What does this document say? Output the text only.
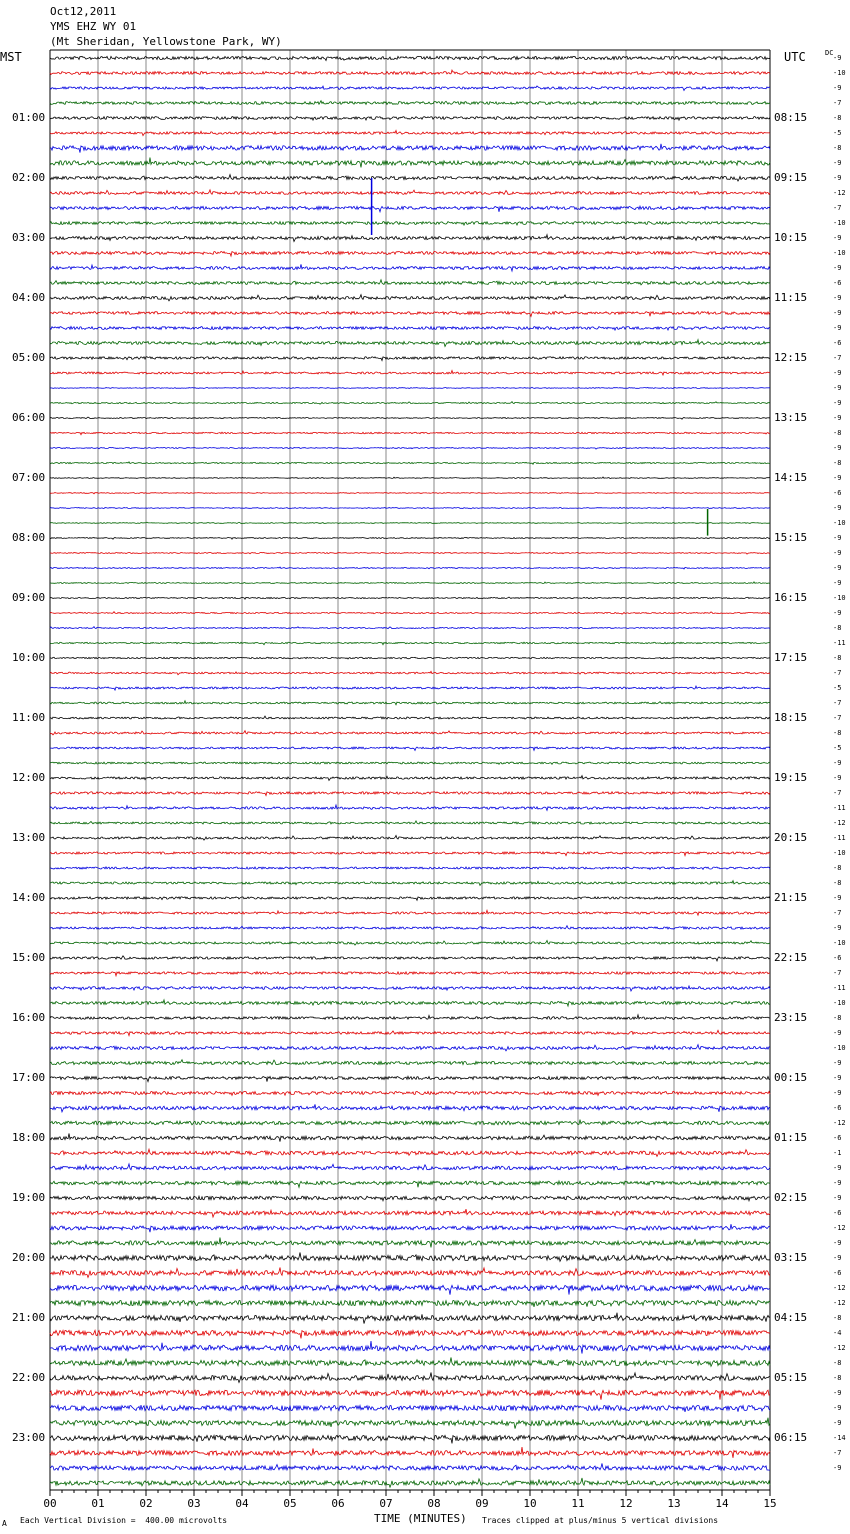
00	01	02	03	04	05	06	07	08	09	10	11	12	13	14	15
Oct12,2011
YMS EHZ WY 01
(Mt Sheridan, Yellowstone Park, WY)
MST	UTC	DC
01:00
02:00
03:00
04:00
05:00
06:00
07:00
08:00
09:00
10:00
11:00
12:00
13:00
14:00
15:00
16:00
17:00
18:00
19:00
20:00
21:00
22:00
23:00
08:15
09:15
10:15
11:15
12:15
13:15
14:15
15:15
16:15
17:15
18:15
19:15
20:15
21:15
22:15
23:15
00:15
01:15
02:15
03:15
04:15
05:15
06:15
-9
-10
-9
-7
-8
-5
-8
-9
-9
-12
-7
-10
-9
-10
-9
-6
-9
-9
-9
-6
-7
-9
-9
-9
-9
-8
-9
-8
-9
-6
-9
-10
-9
-9
-9
-9
-10
-9
-8
-11
-8
-7
-5
-7
-7
-8
-5
-9
-9
-7
-11
-12
-11
-10
-8
-8
-9
-7
-9
-10
-6
-7
-11
-10
-8
-9
-10
-9
-9
-9
-6
-12
-6
-1
-9
-9
-9
-6
-12
-9
-9
-6
-12
-12
-8
-4
-12
-8
-8
-9
-9
-9
-14
-7
-9
A Each Vertical Division =  400.00 microvolts	TIME (MINUTES) Traces clipped at plus/minus 5 vertical divisions
